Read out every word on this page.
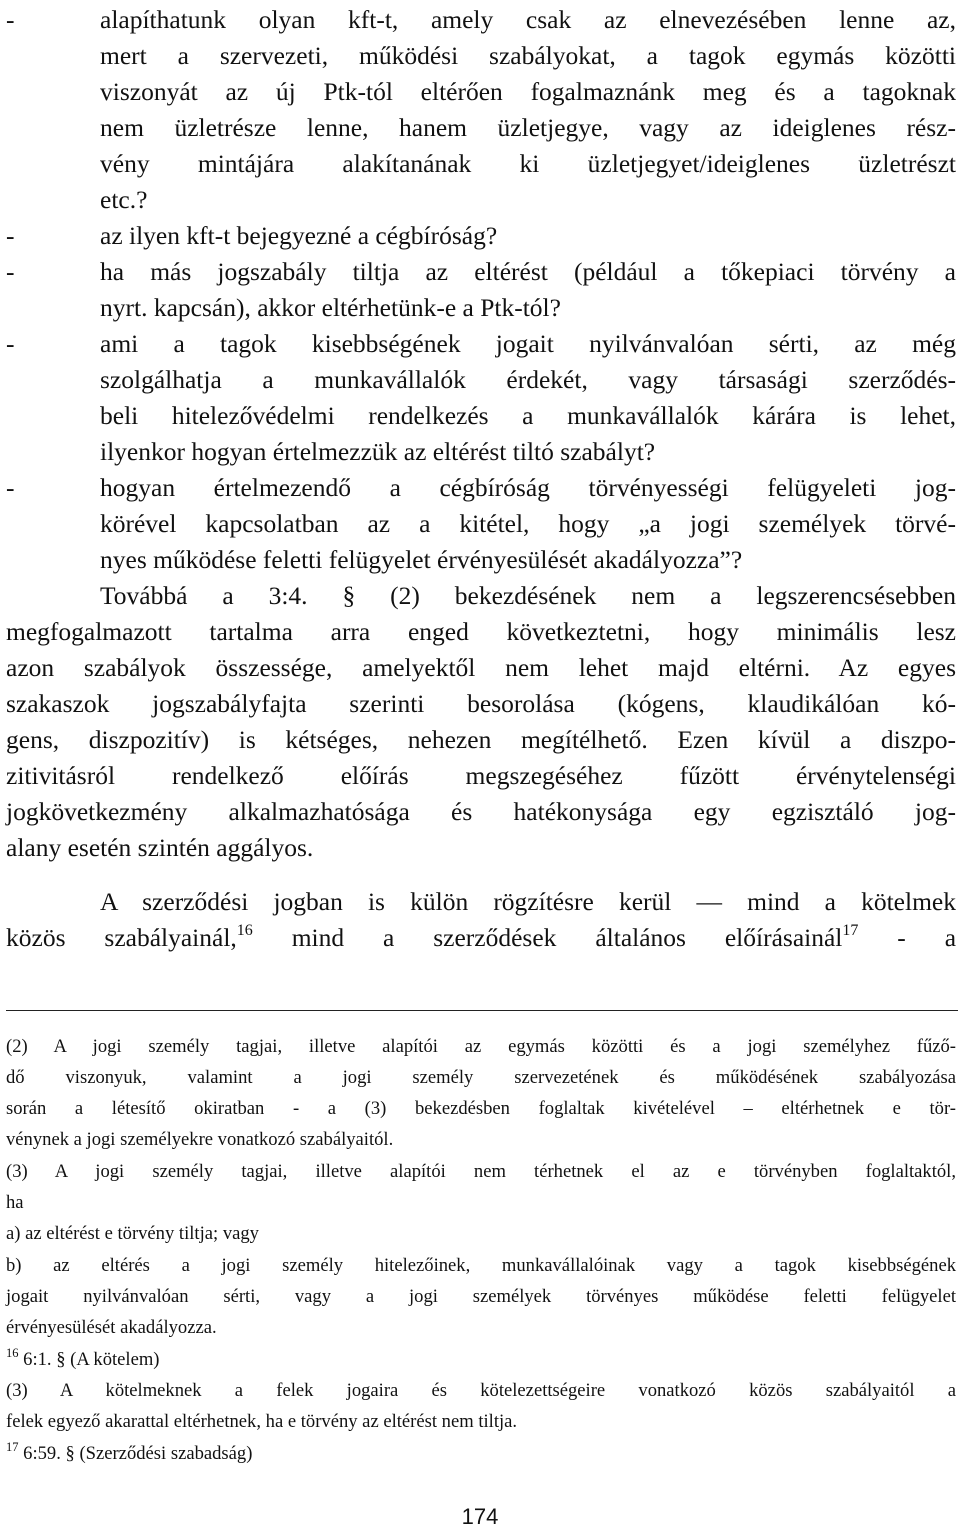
-	alapíthatunk olyan kft-t, amely csak az elnevezésében lenne az,
mert a szervezeti, működési szabályokat, a tagok egymás közötti
viszonyát az új Ptk-tól eltérően fogalmaznánk meg és a tagoknak
nem üzletrésze lenne, hanem üzletjegye, vagy az ideiglenes rész-
vény mintájára alakítanának ki üzletjegyet/ideiglenes üzletrészt
etc.?
-	az ilyen kft-t bejegyezné a cégbíróság?
-	ha más jogszabály tiltja az eltérést (például a tőkepiaci törvény a
nyrt. kapcsán), akkor eltérhetünk-e a Ptk-tól?
-	ami a tagok kisebbségének jogait nyilvánvalóan sérti, az még
szolgálhatja a munkavállalók érdekét, vagy társasági szerződés-
beli hitelezővédelmi rendelkezés a munkavállalók kárára is lehet,
ilyenkor hogyan értelmezzük az eltérést tiltó szabályt?
-	hogyan értelmezendő a cégbíróság törvényességi felügyeleti jog-
körével kapcsolatban az a kitétel, hogy „a jogi személyek törvé-
nyes működése feletti felügyelet érvényesülését akadályozza”?
Továbbá a 3:4. § (2) bekezdésének nem a legszerencsésebben
megfogalmazott tartalma arra enged következtetni, hogy minimális lesz
azon szabályok összessége, amelyektől nem lehet majd eltérni. Az egyes
szakaszok jogszabályfajta szerinti besorolása (kógens, klaudikálóan kó-
gens, diszpozitív) is kétséges, nehezen megítélhető. Ezen kívül a diszpo-
zitivitásról rendelkező előírás megszegéséhez fűzött érvénytelenségi
jogkövetkezmény alkalmazhatósága és hatékonysága egy egzisztáló jog-
alany esetén szintén aggályos.
A szerződési jogban is külön rögzítésre kerül — mind a kötelmek
közös szabályainál,$^{16}$ mind a szerződések általános előírásainál$^{17}$ - a
(2) A jogi személy tagjai, illetve alapítói az egymás közötti és a jogi személyhez fűző-
dő viszonyuk, valamint a jogi személy szervezetének és működésének szabályozása
során a létesítő okiratban - a (3) bekezdésben foglaltak kivételével – eltérhetnek e tör-
vénynek a jogi személyekre vonatkozó szabályaitól.
(3) A jogi személy tagjai, illetve alapítói nem térhetnek el az e törvényben foglaltaktól,
ha
a) az eltérést e törvény tiltja; vagy
b) az eltérés a jogi személy hitelezőinek, munkavállalóinak vagy a tagok kisebbségének
jogait nyilvánvalóan sérti, vagy a jogi személyek törvényes működése feletti felügyelet
érvényesülését akadályozza.
$^{16}$ 6:1. § (A kötelem)
(3) A kötelmeknek a felek jogaira és kötelezettségeire vonatkozó közös szabályaitól a
felek egyező akarattal eltérhetnek, ha e törvény az eltérést nem tiltja.
$^{17}$ 6:59. § (Szerződési szabadság)
174
